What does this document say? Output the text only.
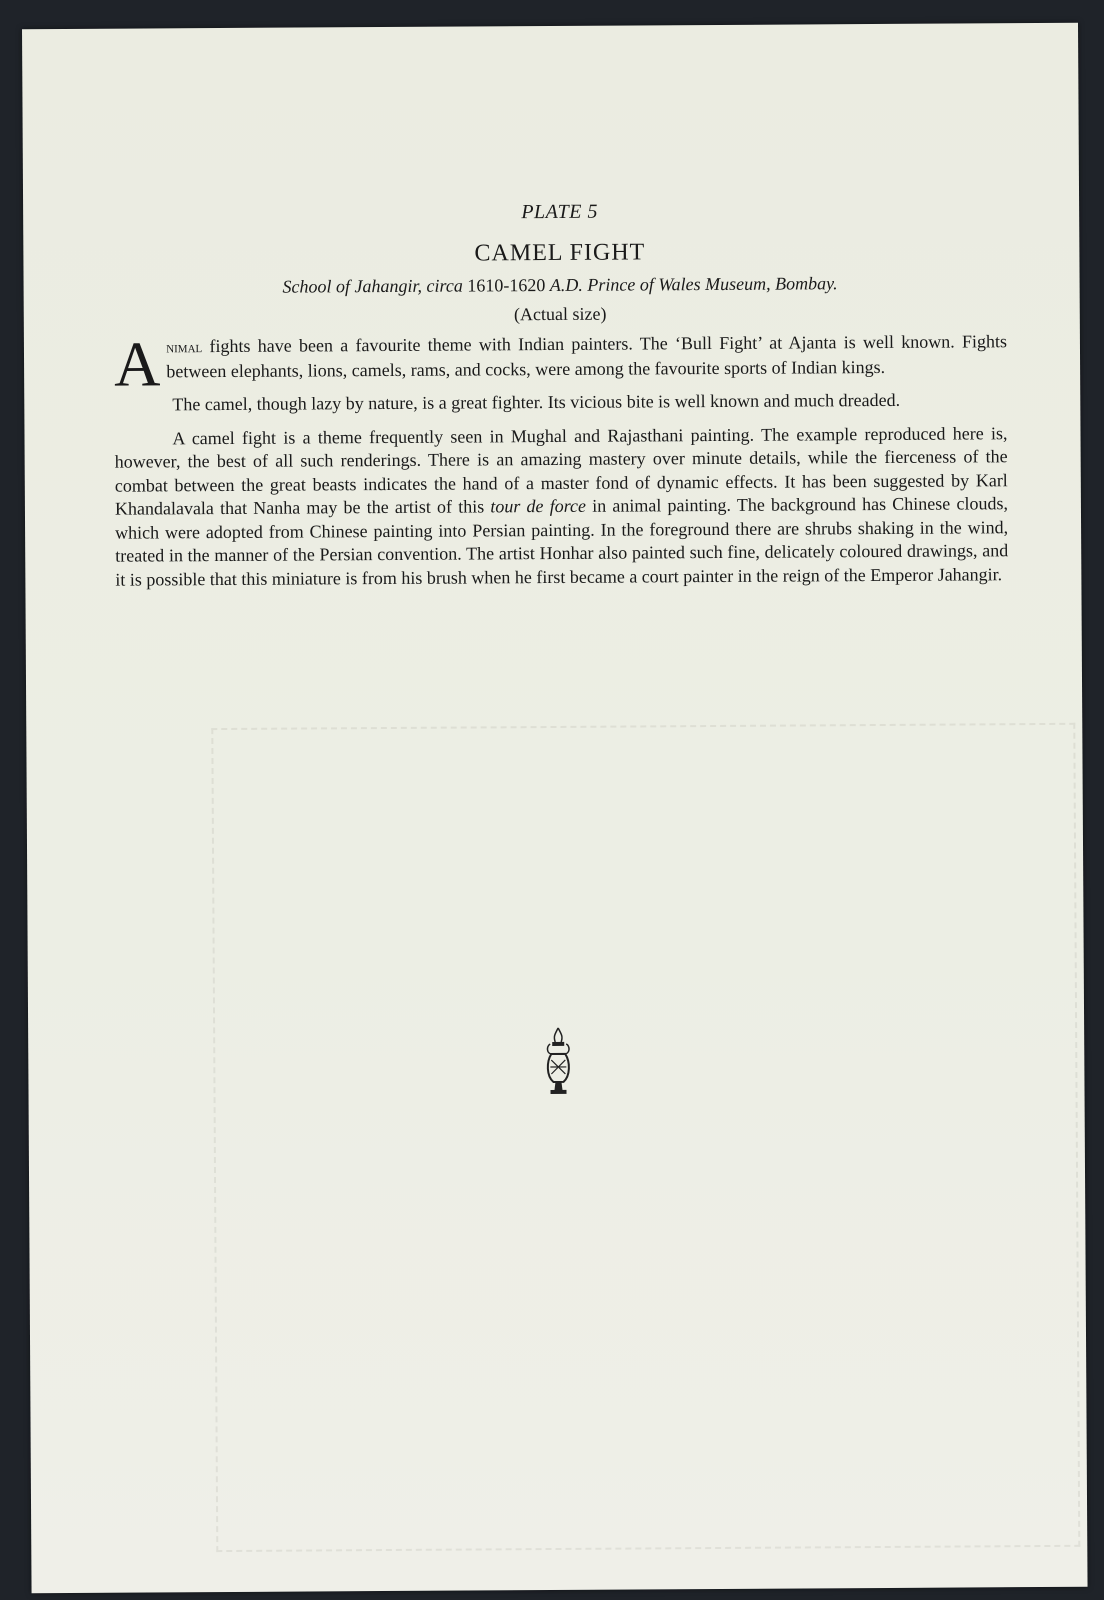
PLATE 5

CAMEL FIGHT

School of Jahangir, circa 1610-1620 A.D. Prince of Wales Museum, Bombay.

(Actual size)

Animal fights have been a favourite theme with Indian painters. The ‘Bull Fight’ at Ajanta is well known. Fights between elephants, lions, camels, rams, and cocks, were among the favourite sports of Indian kings.

The camel, though lazy by nature, is a great fighter. Its vicious bite is well known and much dreaded.

A camel fight is a theme frequently seen in Mughal and Rajasthani painting. The example reproduced here is, however, the best of all such renderings. There is an amazing mastery over minute details, while the fierceness of the combat between the great beasts indicates the hand of a master fond of dynamic effects. It has been suggested by Karl Khandalavala that Nanha may be the artist of this tour de force in animal painting. The background has Chinese clouds, which were adopted from Chinese painting into Persian painting. In the foreground there are shrubs shaking in the wind, treated in the manner of the Persian convention. The artist Honhar also painted such fine, delicately coloured drawings, and it is possible that this miniature is from his brush when he first became a court painter in the reign of the Emperor Jahangir.
